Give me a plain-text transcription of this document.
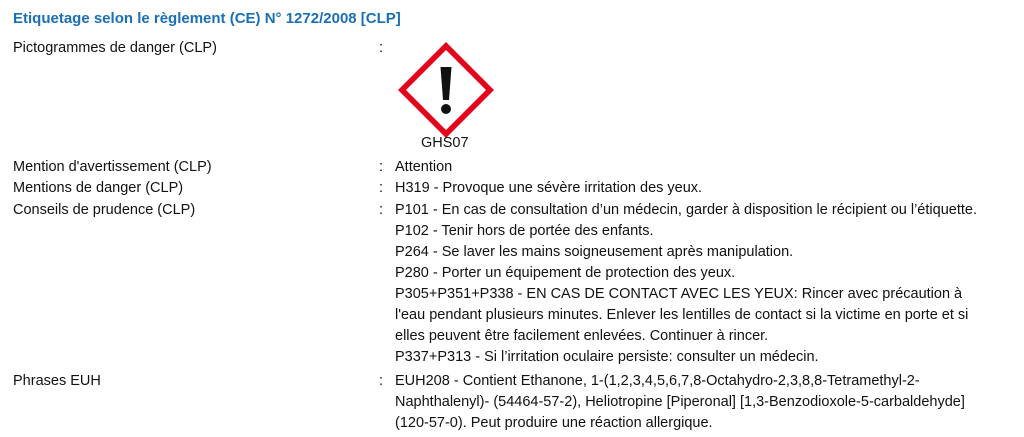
Etiquetage selon le règlement (CE) N° 1272/2008 [CLP]
Pictogrammes de danger (CLP)	:
GHS07
Mention d'avertissement (CLP)	: Attention
Mentions de danger (CLP)	: H319 - Provoque une sévère irritation des yeux.
Conseils de prudence (CLP)	: P101 - En cas de consultation d’un médecin, garder à disposition le récipient ou l’étiquette.
P102 - Tenir hors de portée des enfants.
P264 - Se laver les mains soigneusement après manipulation.
P280 - Porter un équipement de protection des yeux.
P305+P351+P338 - EN CAS DE CONTACT AVEC LES YEUX: Rincer avec précaution à
l'eau pendant plusieurs minutes. Enlever les lentilles de contact si la victime en porte et si
elles peuvent être facilement enlevées. Continuer à rincer.
P337+P313 - Si l’irritation oculaire persiste: consulter un médecin.
Phrases EUH	: EUH208 - Contient Ethanone, 1-(1,2,3,4,5,6,7,8-Octahydro-2,3,8,8-Tetramethyl-2-
Naphthalenyl)- (54464-57-2), Heliotropine [Piperonal] [1,3-Benzodioxole-5-carbaldehyde]
(120-57-0). Peut produire une réaction allergique.
